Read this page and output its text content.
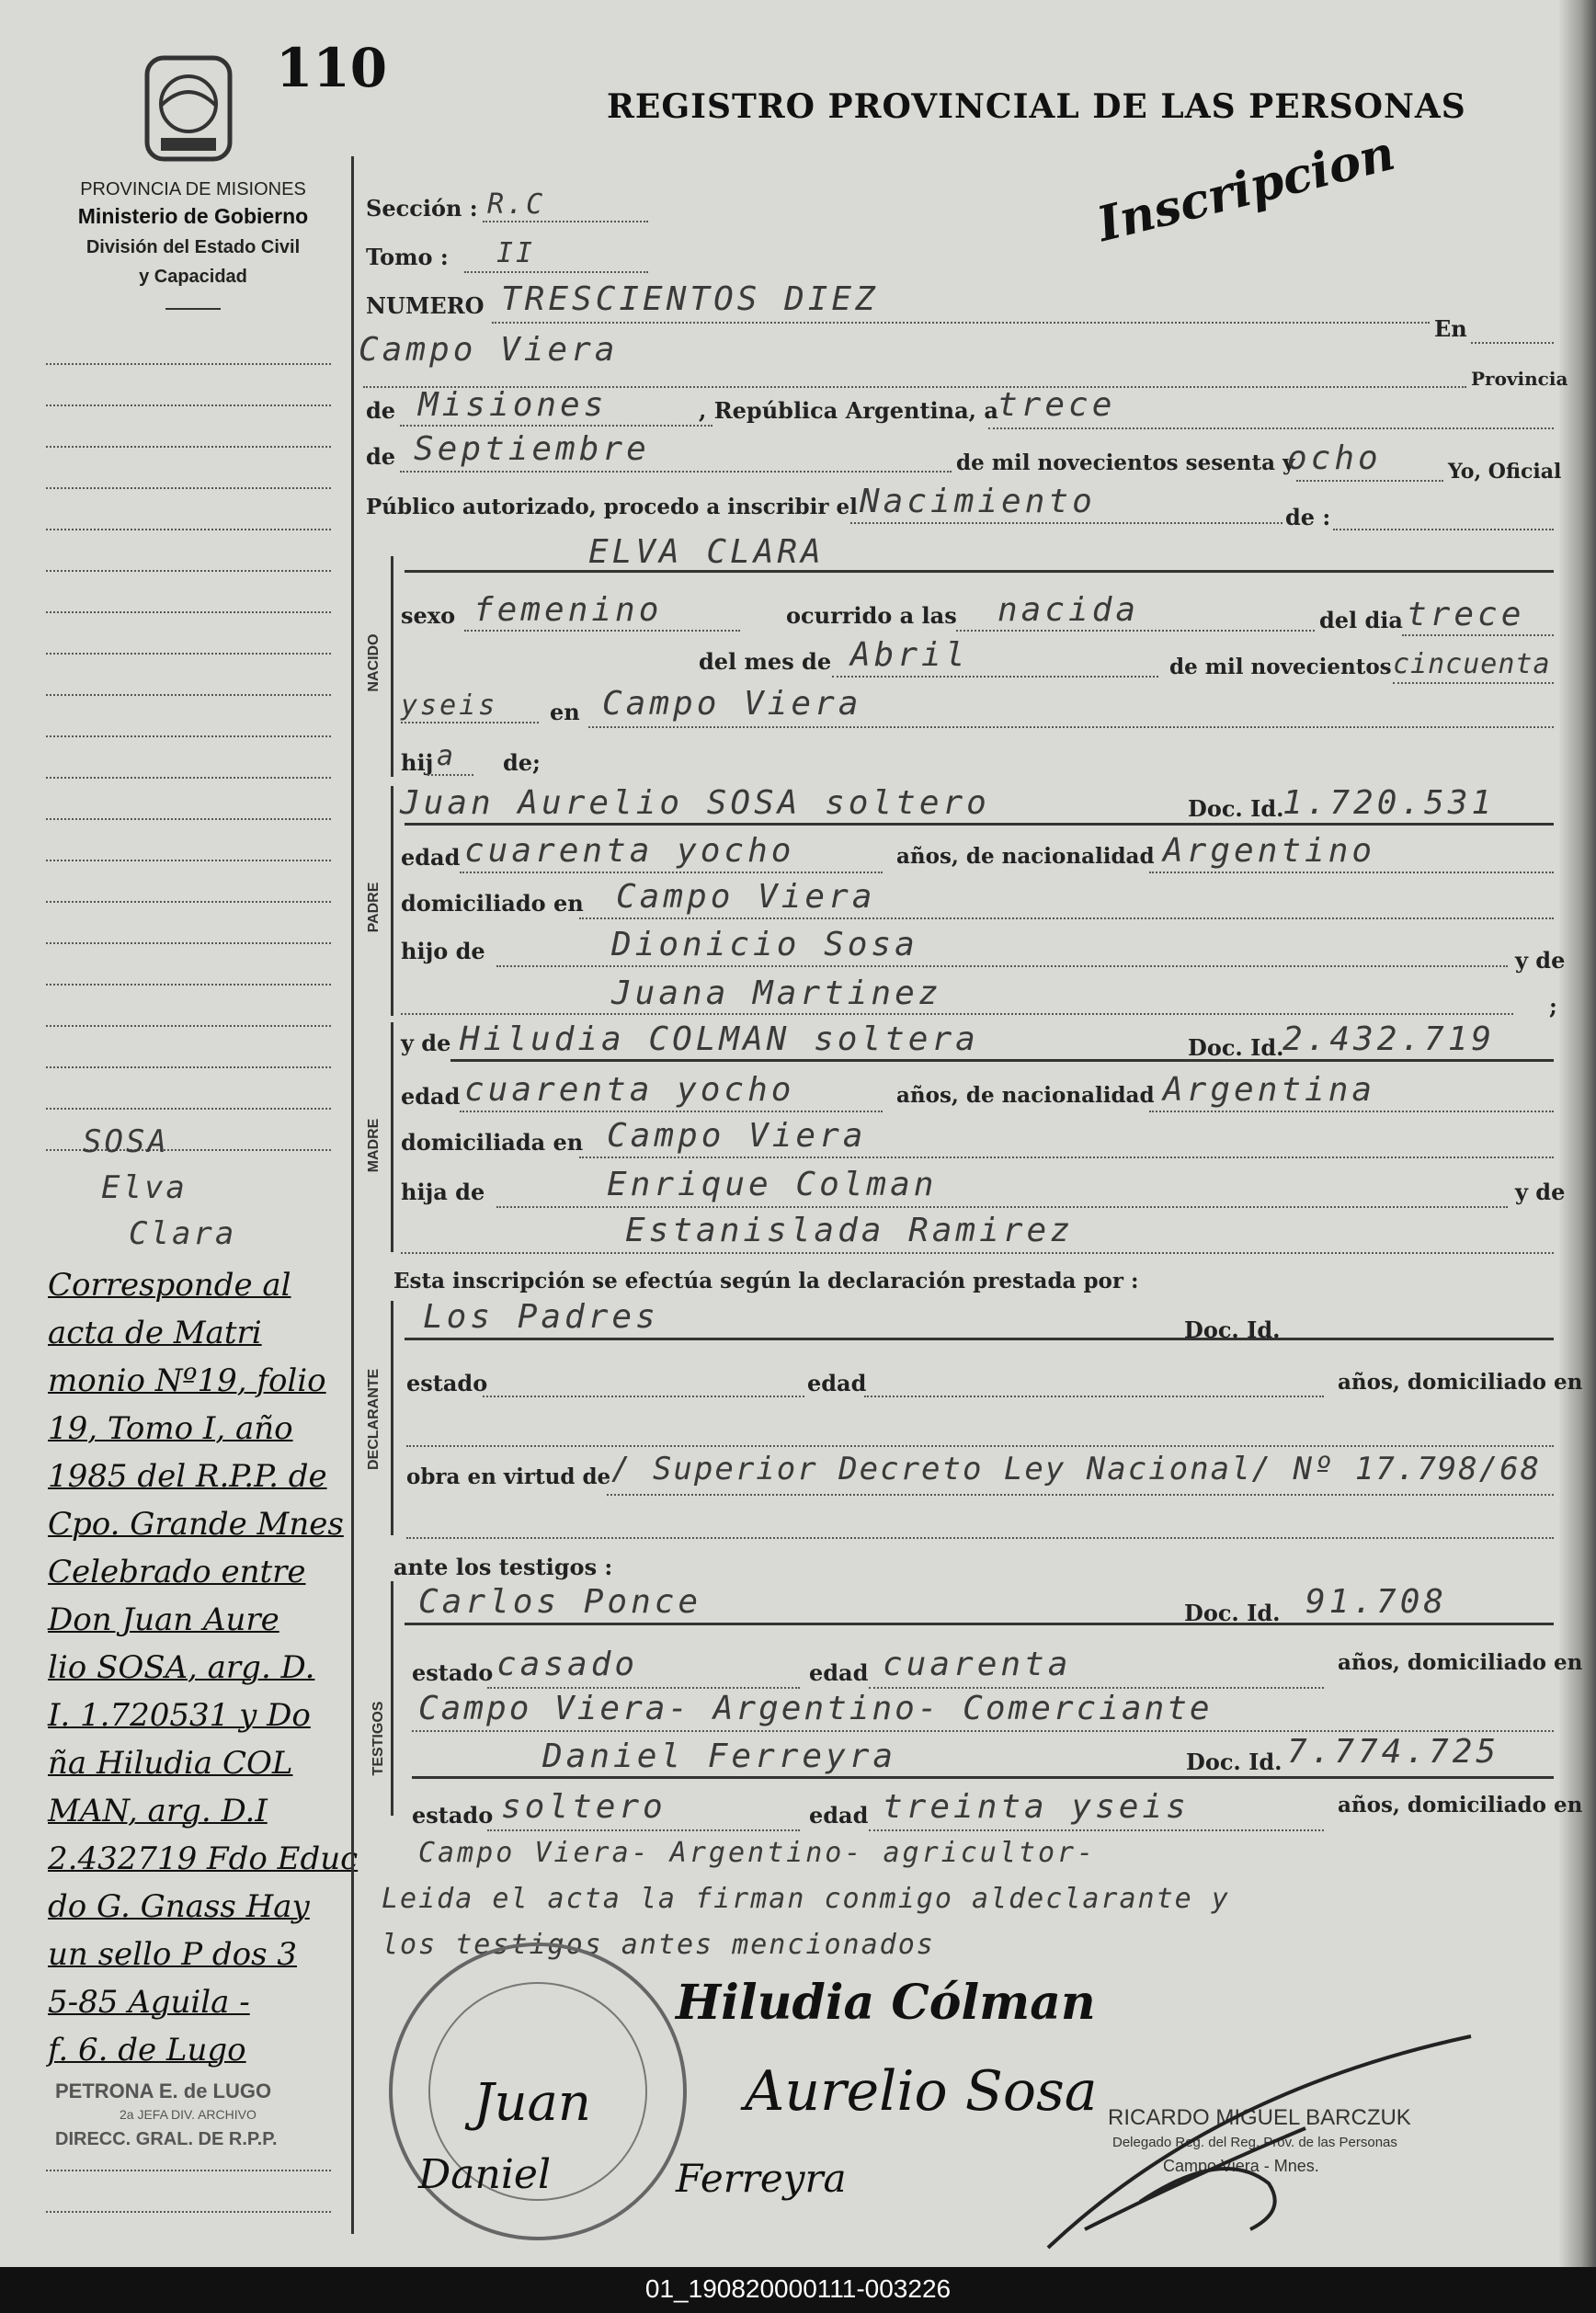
110
REGISTRO PROVINCIAL DE LAS PERSONAS
PROVINCIA DE MISIONES
Ministerio de Gobierno
División del Estado Civil
y Capacidad
Inscripcion
SOSA
Elva
Clara
Corresponde al
acta de Matri
monio Nº19, folio
19, Tomo I, año
1985 del R.P.P. de
Cpo. Grande Mnes
Celebrado entre
Don Juan Aure
lio SOSA, arg. D.
I. 1.720531 y Do
ña Hiludia COL
MAN, arg. D.I
2.432719 Fdo Educ
do G. Gnass Hay
un sello P dos 3
5-85 Aguila -
f. 6. de Lugo
PETRONA E. de LUGO
2a JEFA DIV. ARCHIVO
DIRECC. GRAL. DE R.P.P.
Sección : R.C
Tomo : II
NUMERO TRESCIENTOS DIEZ
En
Campo Viera
Provincia
de Misiones	, República Argentina, a trece
de Septiembre	de mil novecientos sesenta y
ocho	Yo, Oficial
Público autorizado, procedo a inscribir el Nacimiento	de :
ELVA CLARA
NACIDO
sexo femenino	ocurrido a las nacida	del dia trece
del mes de Abril	de mil novecientos cincuenta
yseis en Campo Viera
hij a de;
Juan Aurelio SOSA soltero	Doc. Id.
1.720.531
PADRE
edad cuarenta yocho	años, de nacionalidad Argentino
domiciliado en Campo Viera
hijo de	Dionicio Sosa	y de
Juana Martinez	;
y de Hiludia COLMAN soltera	Doc. Id.
2.432.719
MADRE
edad cuarenta yocho	años, de nacionalidad Argentina
domiciliada en Campo Viera
hija de	Enrique Colman	y de
Estanislada Ramirez
Esta inscripción se efectúa según la declaración prestada por :
Los Padres	Doc. Id.
DECLARANTE estado	edad	años, domiciliado en
obra en virtud de / Superior Decreto Ley Nacional/ Nº 17.798/68
ante los testigos :
Carlos Ponce	Doc. Id. 91.708
TESTIGOS
estado casado	edad cuarenta	años, domiciliado en
Campo Viera- Argentino- Comerciante
Daniel Ferreyra	Doc. Id. 7.774.725
estado soltero	edad treinta yseis	años, domiciliado en
Campo Viera- Argentino- agricultor-
Leida el acta la firman conmigo aldeclarante y
los testigos antes mencionados
Hiludia Cólman
Aurelio Sosa
Juan
Daniel	Ferreyra
RICARDO MIGUEL BARCZUK
Delegado Reg. del Reg. Prov. de las Personas
Campo Viera - Mnes.
01_190820000111-003226
